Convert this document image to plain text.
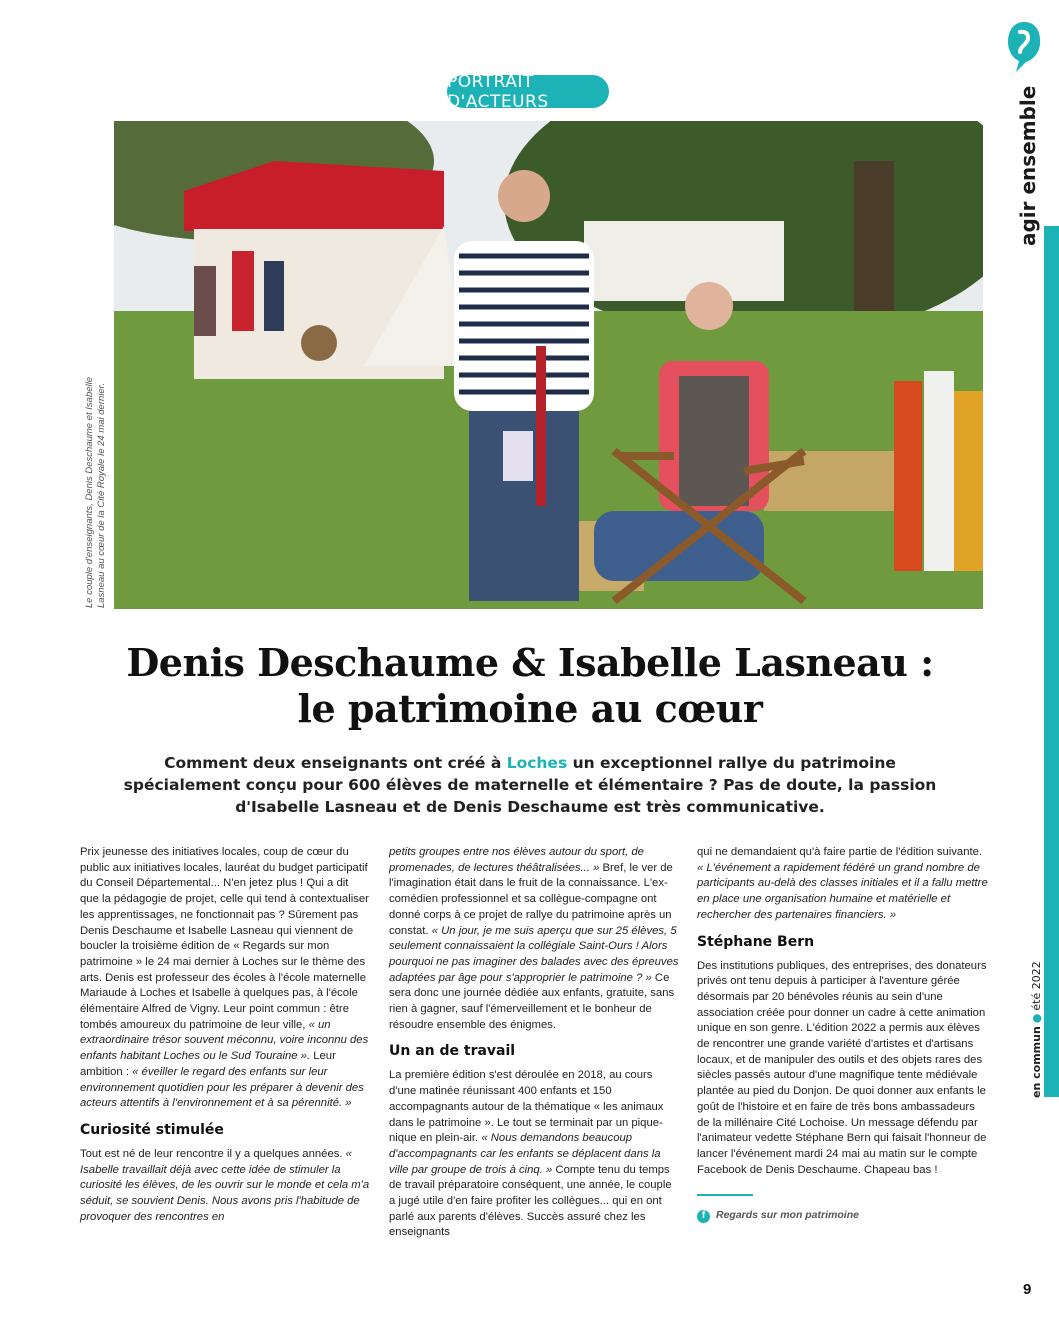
PORTRAIT D'ACTEURS	agir ensemble
en commun●été 2022

Le couple d'enseignants, Denis Deschaume et Isabelle Lasneau au cœur de la Cité Royale le 24 mai dernier.

Denis Deschaume & Isabelle Lasneau :
le patrimoine au cœur

Comment deux enseignants ont créé à Loches un exceptionnel rallye du patrimoine spécialement conçu pour 600 élèves de maternelle et élémentaire ? Pas de doute, la passion d'Isabelle Lasneau et de Denis Deschaume est très communicative.

Prix jeunesse des initiatives locales, coup de cœur du public aux initiatives locales, lauréat du budget participatif du Conseil Départemental... N'en jetez plus ! Qui a dit que la pédagogie de projet, celle qui tend à contextualiser les apprentissages, ne fonctionnait pas ? Sûrement pas Denis Deschaume et Isabelle Lasneau qui viennent de boucler la troisième édition de « Regards sur mon patrimoine » le 24 mai dernier à Loches sur le thème des arts. Denis est professeur des écoles à l'école maternelle Mariaude à Loches et Isabelle à quelques pas, à l'école élémentaire Alfred de Vigny. Leur point commun : être tombés amoureux du patrimoine de leur ville, « un extraordinaire trésor souvent méconnu, voire inconnu des enfants habitant Loches ou le Sud Touraine ». Leur ambition : « éveiller le regard des enfants sur leur environnement quotidien pour les préparer à devenir des acteurs attentifs à l'environnement et à sa pérennité. »

Curiosité stimulée

Tout est né de leur rencontre il y a quelques années. « Isabelle travaillait déjà avec cette idée de stimuler la curiosité les élèves, de les ouvrir sur le monde et cela m'a séduit, se souvient Denis. Nous avons pris l'habitude de provoquer des rencontres en

petits groupes entre nos élèves autour du sport, de promenades, de lectures théâtralisées... » Bref, le ver de l'imagination était dans le fruit de la connaissance. L'ex-comédien professionnel et sa collègue-compagne ont donné corps à ce projet de rallye du patrimoine après un constat. « Un jour, je me suis aperçu que sur 25 élèves, 5 seulement connaissaient la collégiale Saint-Ours ! Alors pourquoi ne pas imaginer des balades avec des épreuves adaptées par âge pour s'approprier le patrimoine ? » Ce sera donc une journée dédiée aux enfants, gratuite, sans rien à gagner, sauf l'émerveillement et le bonheur de résoudre ensemble des énigmes.

Un an de travail

La première édition s'est déroulée en 2018, au cours d'une matinée réunissant 400 enfants et 150 accompagnants autour de la thématique « les animaux dans le patrimoine ». Le tout se terminait par un pique-nique en plein-air. « Nous demandons beaucoup d'accompagnants car les enfants se déplacent dans la ville par groupe de trois à cinq. » Compte tenu du temps de travail préparatoire conséquent, une année, le couple a jugé utile d'en faire profiter les collègues... qui en ont parlé aux parents d'élèves. Succès assuré chez les enseignants

qui ne demandaient qu'à faire partie de l'édition suivante. « L'événement a rapidement fédéré un grand nombre de participants au-delà des classes initiales et il a fallu mettre en place une organisation humaine et matérielle et rechercher des partenaires financiers. »

Stéphane Bern

Des institutions publiques, des entreprises, des donateurs privés ont tenu depuis à participer à l'aventure gérée désormais par 20 bénévoles réunis au sein d'une association créée pour donner un cadre à cette animation unique en son genre. L'édition 2022 a permis aux élèves de rencontrer une grande variété d'artistes et d'artisans locaux, et de manipuler des outils et des objets rares des siècles passés autour d'une magnifique tente médiévale plantée au pied du Donjon. De quoi donner aux enfants le goût de l'histoire et en faire de très bons ambassadeurs de la millénaire Cité Lochoise. Un message défendu par l'animateur vedette Stéphane Bern qui faisait l'honneur de lancer l'événement mardi 24 mai au matin sur le compte Facebook de Denis Deschaume. Chapeau bas !

f	Regards sur mon patrimoine
9
